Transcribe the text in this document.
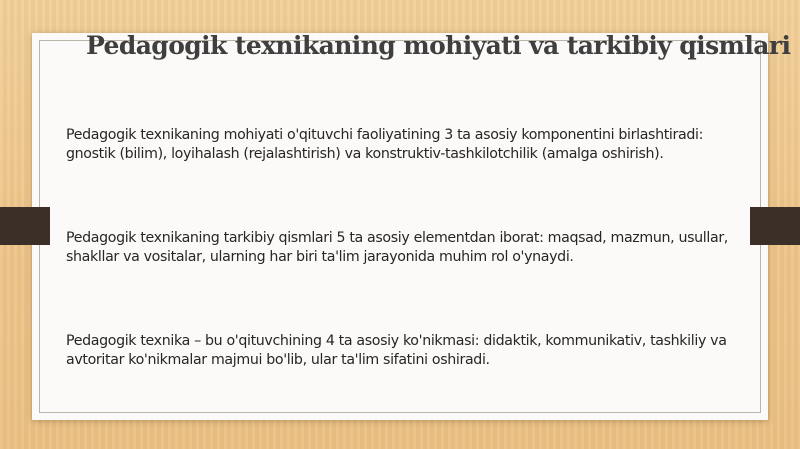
Pedagogik texnikaning mohiyati va tarkibiy qismlari

Pedagogik texnikaning mohiyati o'qituvchi faoliyatining 3 ta asosiy komponentini birlashtiradi: gnostik (bilim), loyihalash (rejalashtirish) va konstruktiv-tashkilotchilik (amalga oshirish).

Pedagogik texnikaning tarkibiy qismlari 5 ta asosiy elementdan iborat: maqsad, mazmun, usullar, shakllar va vositalar, ularning har biri ta'lim jarayonida muhim rol o'ynaydi.

Pedagogik texnika – bu o'qituvchining 4 ta asosiy ko'nikmasi: didaktik, kommunikativ, tashkiliy va avtoritar ko'nikmalar majmui bo'lib, ular ta'lim sifatini oshiradi.
